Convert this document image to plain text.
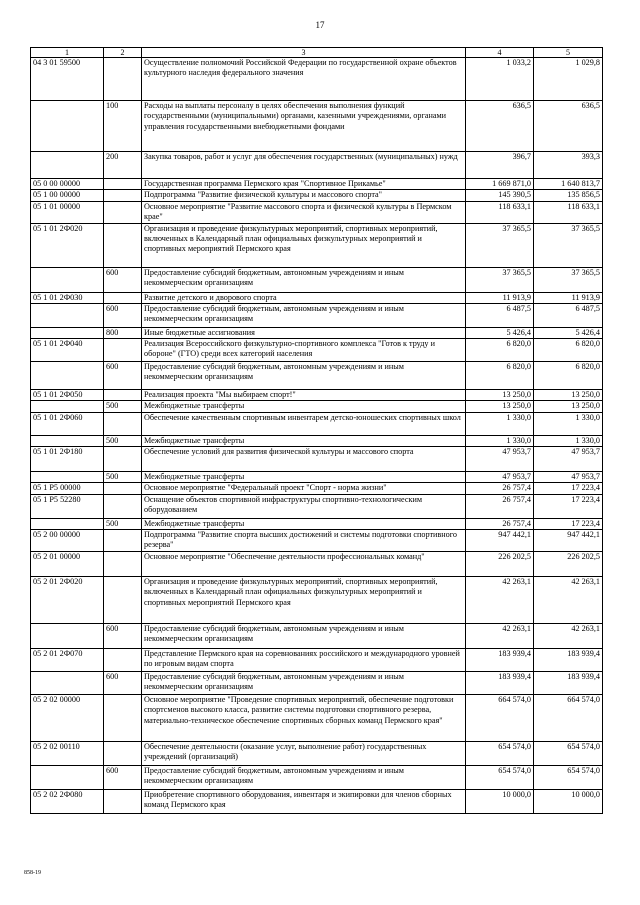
17
1	2	3	4	5
04 3 01 59500		Осуществление полномочий Российской Федерации по государственной охране объектов культурного наследия федерального значения	1 033,2	1 029,8
	100	Расходы на выплаты персоналу в целях обеспечения выполнения функций государственными (муниципальными) органами, казенными учреждениями, органами управления государственными внебюджетными фондами	636,5	636,5
	200	Закупка товаров, работ и услуг для обеспечения государственных (муниципальных) нужд	396,7	393,3
05 0 00 00000		Государственная программа Пермского края "Спортивное Прикамье"	1 669 871,0	1 640 813,7
05 1 00 00000		Подпрограмма "Развитие физической культуры и массового спорта"	145 390,5	135 856,5
05 1 01 00000		Основное мероприятие "Развитие массового спорта и физической культуры в Пермском крае"	118 633,1	118 633,1
05 1 01 2Ф020		Организация и проведение физкультурных мероприятий, спортивных мероприятий, включенных в Календарный план официальных физкультурных мероприятий и спортивных мероприятий Пермского края	37 365,5	37 365,5
	600	Предоставление субсидий бюджетным, автономным учреждениям и иным некоммерческим организациям	37 365,5	37 365,5
05 1 01 2Ф030		Развитие детского и дворового спорта	11 913,9	11 913,9
	600	Предоставление субсидий бюджетным, автономным учреждениям и иным некоммерческим организациям	6 487,5	6 487,5
	800	Иные бюджетные ассигнования	5 426,4	5 426,4
05 1 01 2Ф040		Реализация Всероссийского физкультурно-спортивного комплекса "Готов к труду и обороне" (ГТО) среди всех категорий населения	6 820,0	6 820,0
	600	Предоставление субсидий бюджетным, автономным учреждениям и иным некоммерческим организациям	6 820,0	6 820,0
05 1 01 2Ф050		Реализация проекта "Мы выбираем спорт!"	13 250,0	13 250,0
	500	Межбюджетные трансферты	13 250,0	13 250,0
05 1 01 2Ф060		Обеспечение качественным спортивным инвентарем детско-юношеских спортивных школ	1 330,0	1 330,0
	500	Межбюджетные трансферты	1 330,0	1 330,0
05 1 01 2Ф180		Обеспечение условий для развития физической культуры и массового спорта	47 953,7	47 953,7
	500	Межбюджетные трансферты	47 953,7	47 953,7
05 1 P5 00000		Основное мероприятие "Федеральный проект "Спорт - норма жизни"	26 757,4	17 223,4
05 1 P5 52280		Оснащение объектов спортивной инфраструктуры спортивно-технологическим оборудованием	26 757,4	17 223,4
	500	Межбюджетные трансферты	26 757,4	17 223,4
05 2 00 00000		Подпрограмма "Развитие спорта высших достижений и системы подготовки спортивного резерва"	947 442,1	947 442,1
05 2 01 00000		Основное мероприятие "Обеспечение деятельности профессиональных команд"	226 202,5	226 202,5
05 2 01 2Ф020		Организация и проведение физкультурных мероприятий, спортивных мероприятий, включенных в Календарный план официальных физкультурных мероприятий и спортивных мероприятий Пермского края	42 263,1	42 263,1
	600	Предоставление субсидий бюджетным, автономным учреждениям и иным некоммерческим организациям	42 263,1	42 263,1
05 2 01 2Ф070		Представление Пермского края на соревнованиях российского и международного уровней по игровым видам спорта	183 939,4	183 939,4
	600	Предоставление субсидий бюджетным, автономным учреждениям и иным некоммерческим организациям	183 939,4	183 939,4
05 2 02 00000		Основное мероприятие "Проведение спортивных мероприятий, обеспечение подготовки спортсменов высокого класса, развитие системы подготовки спортивного резерва, материально-техническое обеспечение спортивных сборных команд Пермского края"	664 574,0	664 574,0
05 2 02 00110		Обеспечение деятельности (оказание услуг, выполнение работ) государственных учреждений (организаций)	654 574,0	654 574,0
	600	Предоставление субсидий бюджетным, автономным учреждениям и иным некоммерческим организациям	654 574,0	654 574,0
05 2 02 2Ф080		Приобретение спортивного оборудования, инвентаря и экипировки для членов сборных команд Пермского края	10 000,0	10 000,0
858-19
